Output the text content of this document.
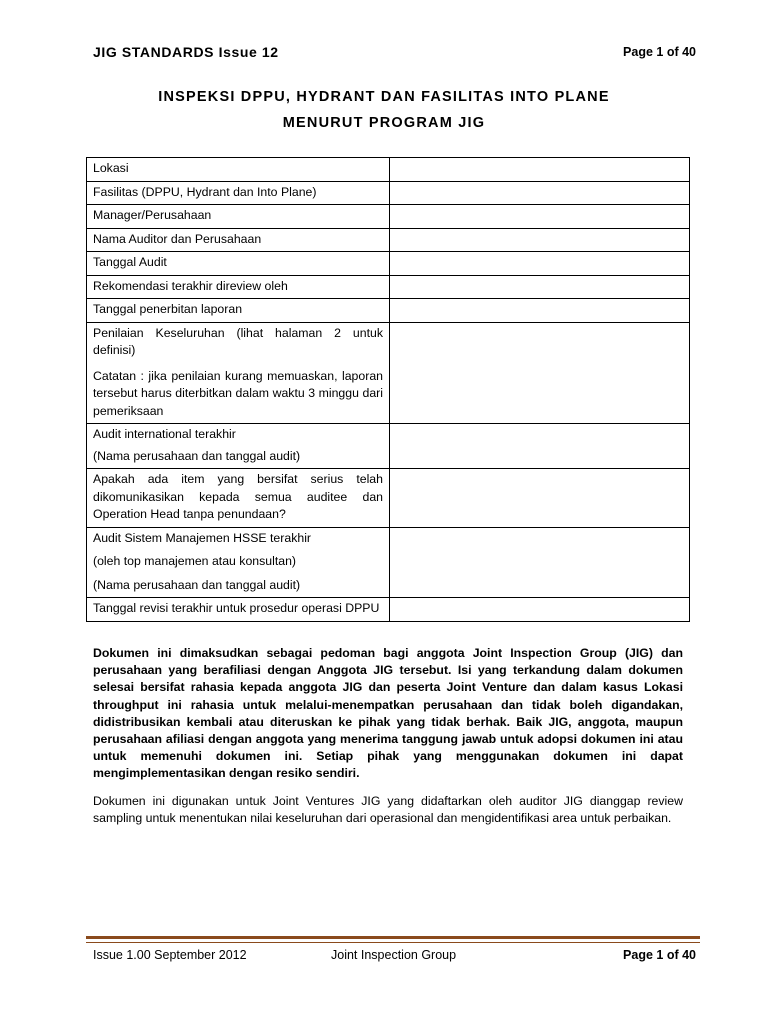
JIG STANDARDS Issue 12	Page 1 of 40
INSPEKSI DPPU, HYDRANT DAN FASILITAS INTO PLANE
MENURUT PROGRAM JIG
Lokasi	

Fasilitas (DPPU, Hydrant dan Into Plane)	

Manager/Perusahaan	

Nama Auditor dan Perusahaan	

Tanggal Audit	

Rekomendasi terakhir direview oleh	

Tanggal penerbitan laporan	

Penilaian Keseluruhan (lihat halaman 2 untuk definisi)
Catatan : jika penilaian kurang memuaskan, laporan tersebut harus diterbitkan dalam waktu 3 minggu dari pemeriksaan	

Audit international terakhir
(Nama perusahaan dan tanggal audit)	

Apakah ada item yang bersifat serius telah dikomunikasikan kepada semua auditee dan Operation Head tanpa penundaan?	

Audit Sistem Manajemen HSSE terakhir
(oleh top manajemen atau konsultan)
(Nama perusahaan dan tanggal audit)	

Tanggal revisi terakhir untuk prosedur operasi DPPU	

Dokumen ini dimaksudkan sebagai pedoman bagi anggota Joint Inspection Group (JIG) dan perusahaan yang berafiliasi dengan Anggota JIG tersebut. Isi yang terkandung dalam dokumen selesai bersifat rahasia kepada anggota JIG dan peserta Joint Venture dan dalam kasus Lokasi throughput ini rahasia untuk melalui-menempatkan perusahaan dan tidak boleh digandakan, didistribusikan kembali atau diteruskan ke pihak yang tidak berhak. Baik JIG, anggota, maupun perusahaan afiliasi dengan anggota yang menerima tanggung jawab untuk adopsi dokumen ini atau untuk memenuhi dokumen ini. Setiap pihak yang menggunakan dokumen ini dapat mengimplementasikan dengan resiko sendiri.
Dokumen ini digunakan untuk Joint Ventures JIG yang didaftarkan oleh auditor JIG dianggap review sampling untuk menentukan nilai keseluruhan dari operasional dan mengidentifikasi area untuk perbaikan.
Issue 1.00 September 2012	Joint Inspection Group	Page 1 of 40
